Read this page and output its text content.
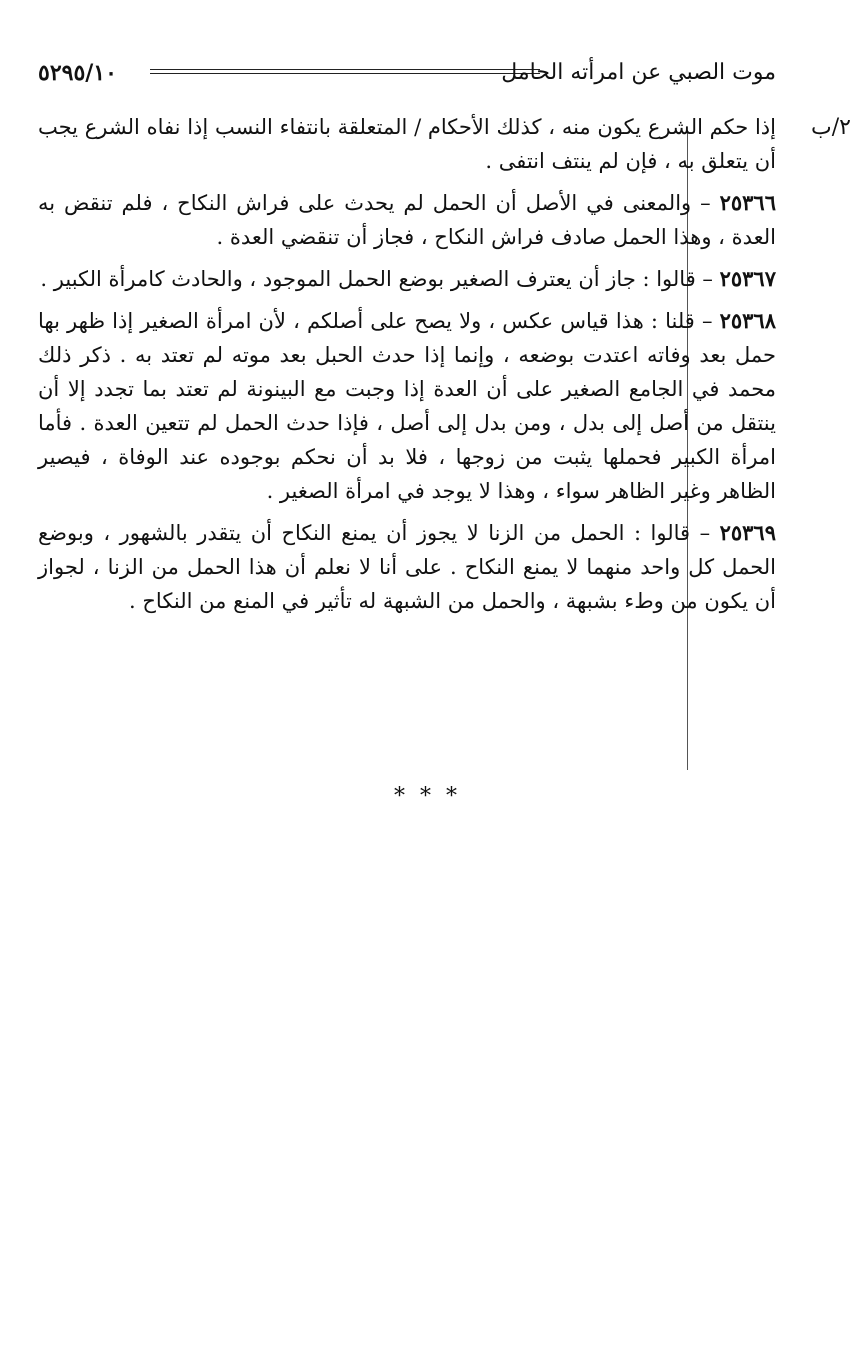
٥٢٩٥/١٠	موت الصبي عن امرأته الحامل
٢/ب

إذا حكم الشرع يكون منه ، كذلك الأحكام / المتعلقة بانتفاء النسب إذا نفاه الشرع يجب أن يتعلق به ، فإن لم ينتف انتفى .

٢٥٣٦٦ – والمعنى في الأصل أن الحمل لم يحدث على فراش النكاح ، فلم تنقض به العدة ، وهذا الحمل صادف فراش النكاح ، فجاز أن تنقضي العدة .

٢٥٣٦٧ – قالوا : جاز أن يعترف الصغير بوضع الحمل الموجود ، والحادث كامرأة الكبير .

٢٥٣٦٨ – قلنا : هذا قياس عكس ، ولا يصح على أصلكم ، لأن امرأة الصغير إذا ظهر بها حمل بعد وفاته اعتدت بوضعه ، وإنما إذا حدث الحبل بعد موته لم تعتد به . ذكر ذلك محمد في الجامع الصغير على أن العدة إذا وجبت مع البينونة لم تعتد بما تجدد إلا أن ينتقل من أصل إلى بدل ، ومن بدل إلى أصل ، فإذا حدث الحمل لم تتعين العدة . فأما امرأة الكبير فحملها يثبت من زوجها ، فلا بد أن نحكم بوجوده عند الوفاة ، فيصير الظاهر وغير الظاهر سواء ، وهذا لا يوجد في امرأة الصغير .

٢٥٣٦٩ – قالوا : الحمل من الزنا لا يجوز أن يمنع النكاح أن يتقدر بالشهور ، وبوضع الحمل كل واحد منهما لا يمنع النكاح . على أنا لا نعلم أن هذا الحمل من الزنا ، لجواز أن يكون من وطء بشبهة ، والحمل من الشبهة له تأثير في المنع من النكاح .

* * *
